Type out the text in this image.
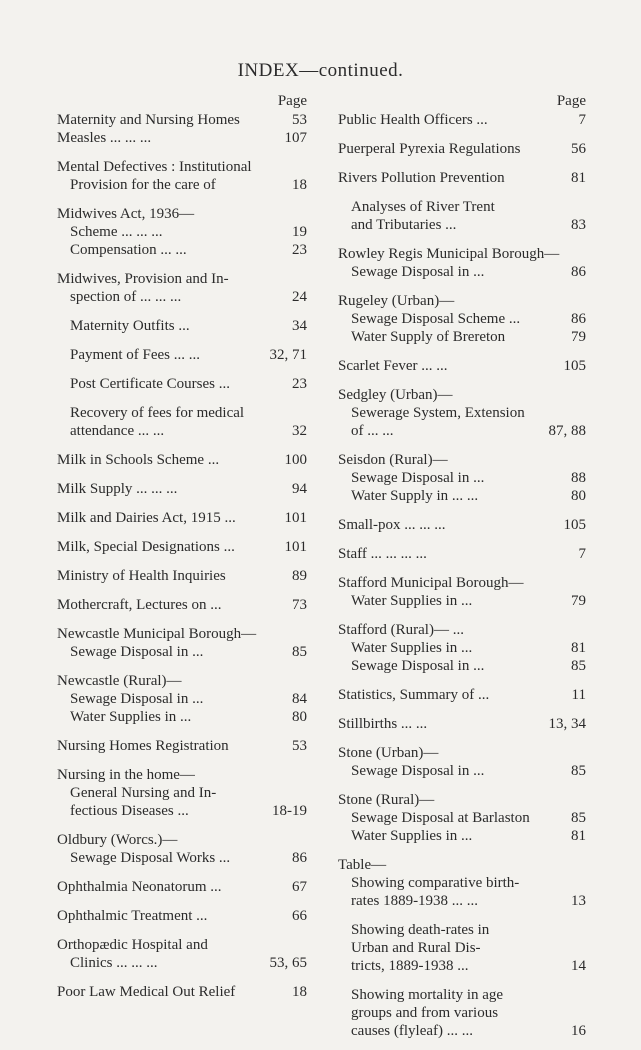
INDEX—continued.
Page
Maternity and Nursing Homes	53
Measles ... ... ...	107
Mental Defectives : Institutional
Provision for the care of	18
Midwives Act, 1936—
Scheme ... ... ...	19
Compensation ... ...	23
Midwives, Provision and In-
spection of ... ... ...	24
Maternity Outfits ...	34
Payment of Fees ... ...	32, 71
Post Certificate Courses ...	23
Recovery of fees for medical
attendance ... ...	32
Milk in Schools Scheme ...	100
Milk Supply ... ... ...	94
Milk and Dairies Act, 1915 ...	101
Milk, Special Designations ...	101
Ministry of Health Inquiries	89
Mothercraft, Lectures on ...	73
Newcastle Municipal Borough—
Sewage Disposal in ...	85
Newcastle (Rural)—
Sewage Disposal in ...	84
Water Supplies in ...	80
Nursing Homes Registration	53
Nursing in the home—
General Nursing and In-
fectious Diseases ...	18-19
Oldbury (Worcs.)—
Sewage Disposal Works ...	86
Ophthalmia Neonatorum ...	67
Ophthalmic Treatment ...	66
Orthopædic Hospital and
Clinics ... ... ...	53, 65
Poor Law Medical Out Relief	18
Page
Public Health Officers ...	7
Puerperal Pyrexia Regulations	56
Rivers Pollution Prevention	81
Analyses of River Trent
and Tributaries ...	83
Rowley Regis Municipal Borough—
Sewage Disposal in ...	86
Rugeley (Urban)—
Sewage Disposal Scheme ...	86
Water Supply of Brereton	79
Scarlet Fever ... ...	105
Sedgley (Urban)—
Sewerage System, Extension
of ... ...	87, 88
Seisdon (Rural)—
Sewage Disposal in ...	88
Water Supply in ... ...	80
Small-pox ... ... ...	105
Staff ... ... ... ...	7
Stafford Municipal Borough—
Water Supplies in ...	79
Stafford (Rural)— ...
Water Supplies in ...	81
Sewage Disposal in ...	85
Statistics, Summary of ...	11
Stillbirths ... ...	13, 34
Stone (Urban)—
Sewage Disposal in ...	85
Stone (Rural)—
Sewage Disposal at Barlaston	85
Water Supplies in ...	81
Table—
Showing comparative birth-
rates 1889-1938 ... ...	13
Showing death-rates in
Urban and Rural Dis-
tricts, 1889-1938 ...	14
Showing mortality in age
groups and from various
causes (flyleaf) ... ...	16
